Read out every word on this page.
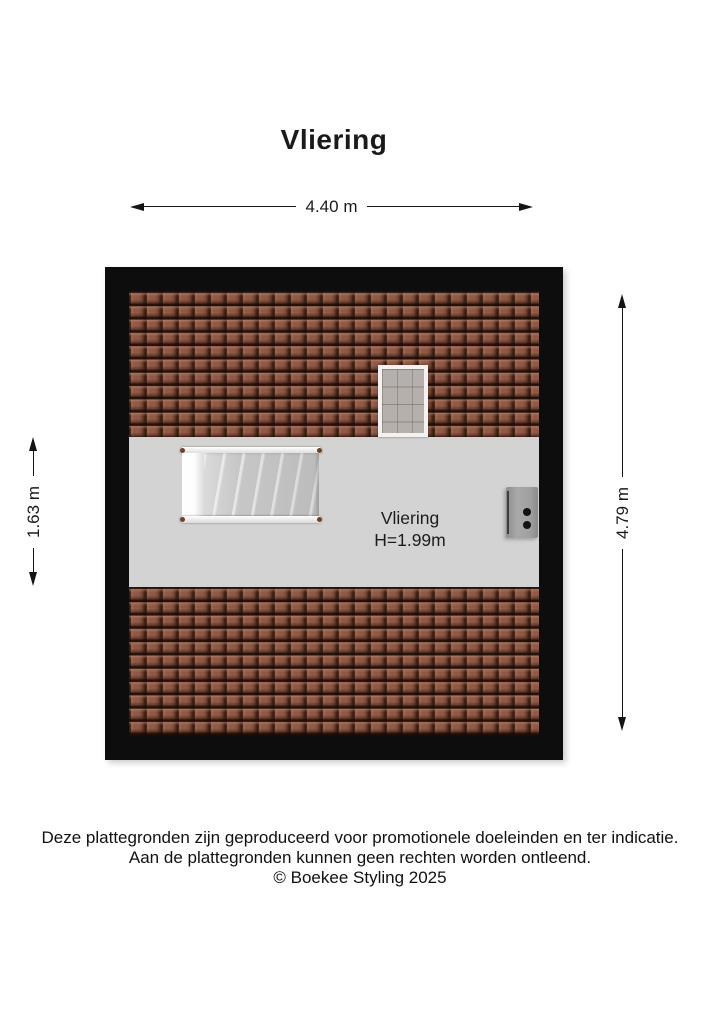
Vliering
4.40 m
Vliering
H=1.99m
1.63 m	4.79 m
Deze plattegronden zijn geproduceerd voor promotionele doeleinden en ter indicatie.
Aan de plattegronden kunnen geen rechten worden ontleend.
© Boekee Styling 2025
